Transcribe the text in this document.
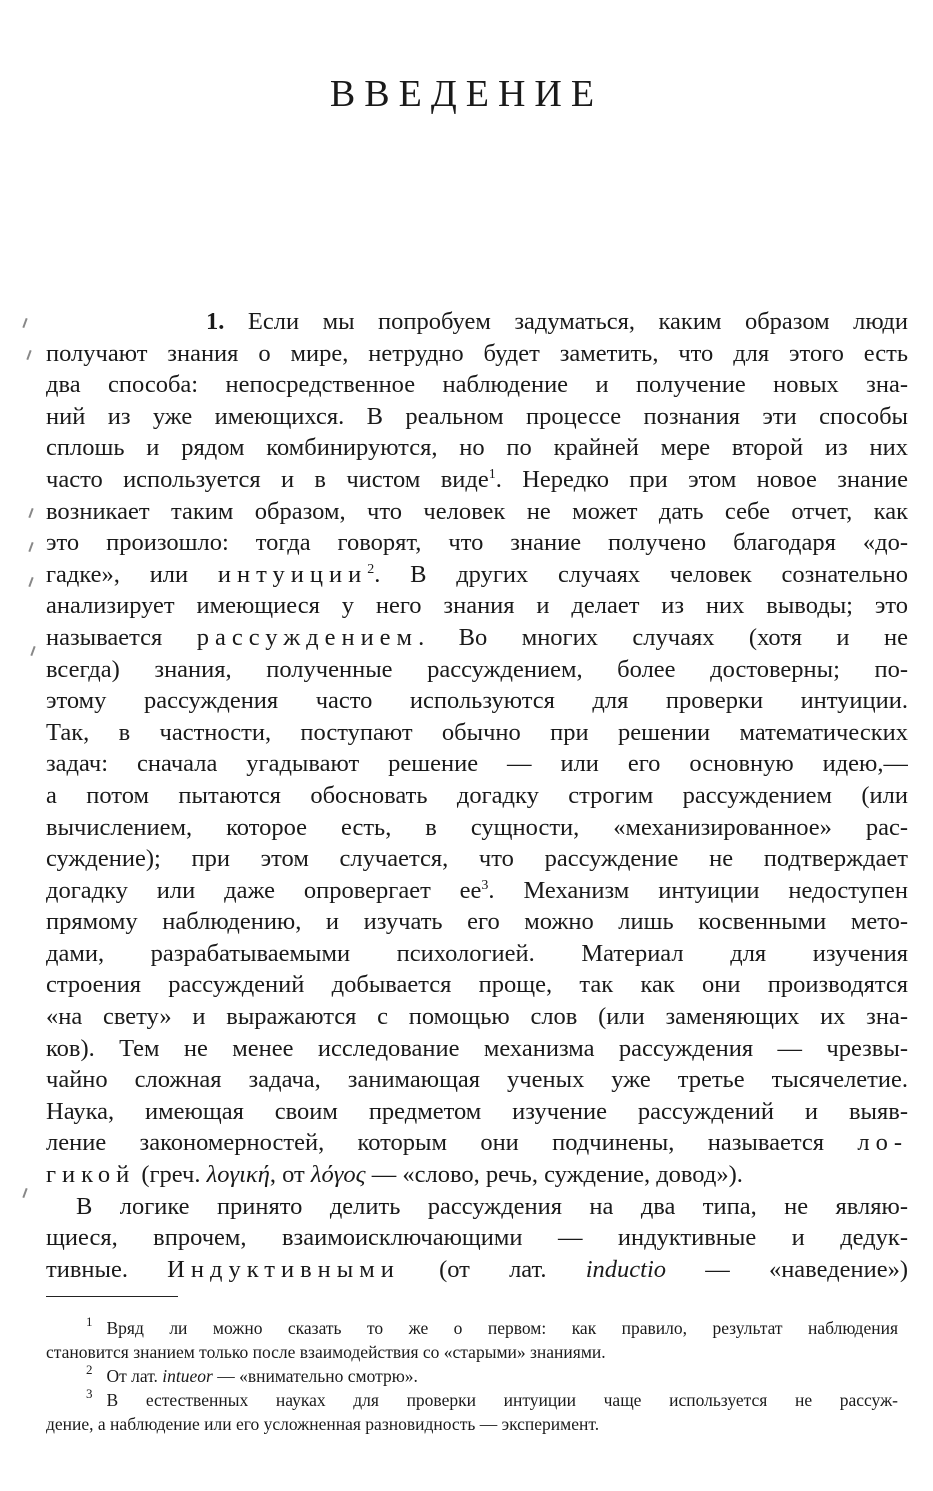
ВВЕДЕНИЕ
1. Если мы попробуем задуматься, каким образом люди
получают знания о мире, нетрудно будет заметить, что для этого есть
два способа: непосредственное наблюдение и получение новых зна-
ний из уже имеющихся. В реальном процессе познания эти способы
сплошь и рядом комбинируются, но по крайней мере второй из них
часто используется и в чистом виде$^1$. Нередко при этом новое знание
возникает таким образом, что человек не может дать себе отчет, как
это произошло: тогда говорят, что знание получено благодаря «до-
гадке», или интуиции$^2$. В других случаях человек сознательно
анализирует имеющиеся у него знания и делает из них выводы; это
называется рассуждением. Во многих случаях (хотя и не
всегда) знания, полученные рассуждением, более достоверны; по-
этому рассуждения часто используются для проверки интуиции.
Так, в частности, поступают обычно при решении математических
задач: сначала угадывают решение — или его основную идею,—
а потом пытаются обосновать догадку строгим рассуждением (или
вычислением, которое есть, в сущности, «механизированное» рас-
суждение); при этом случается, что рассуждение не подтверждает
догадку или даже опровергает $ее^3$. Механизм интуиции недоступен
прямому наблюдению, и изучать его можно лишь косвенными мето-
дами, разрабатываемыми психологией. Материал для изучения
строения рассуждений добывается проще, так как они производятся
«на свету» и выражаются с помощью слов (или заменяющих их зна-
ков). Тем не менее исследование механизма рассуждения — чрезвы-
чайно сложная задача, занимающая ученых уже третье тысячелетие.
Наука, имеющая своим предметом изучение рассуждений и выяв-
ление закономерностей, которым они подчинены, называется ло-
гикой (греч. λογική, от λόγος — «слово, речь, суждение, довод»).
В логике принято делить рассуждения на два типа, не являю-
щиеся, впрочем, взаимоисключающими — индуктивные и дедук-
тивные. Индуктивными (от лат. inductio — «наведение»)
$^1$ Вряд ли можно сказать то же о первом: как правило, результат наблюдения
становится знанием только после взаимодействия со «старыми» знаниями.
$^2$ От лат. intueor — «внимательно смотрю».
$^3$ В естественных науках для проверки интуиции чаще используется не рассуж-
дение, а наблюдение или его усложненная разновидность — эксперимент.
